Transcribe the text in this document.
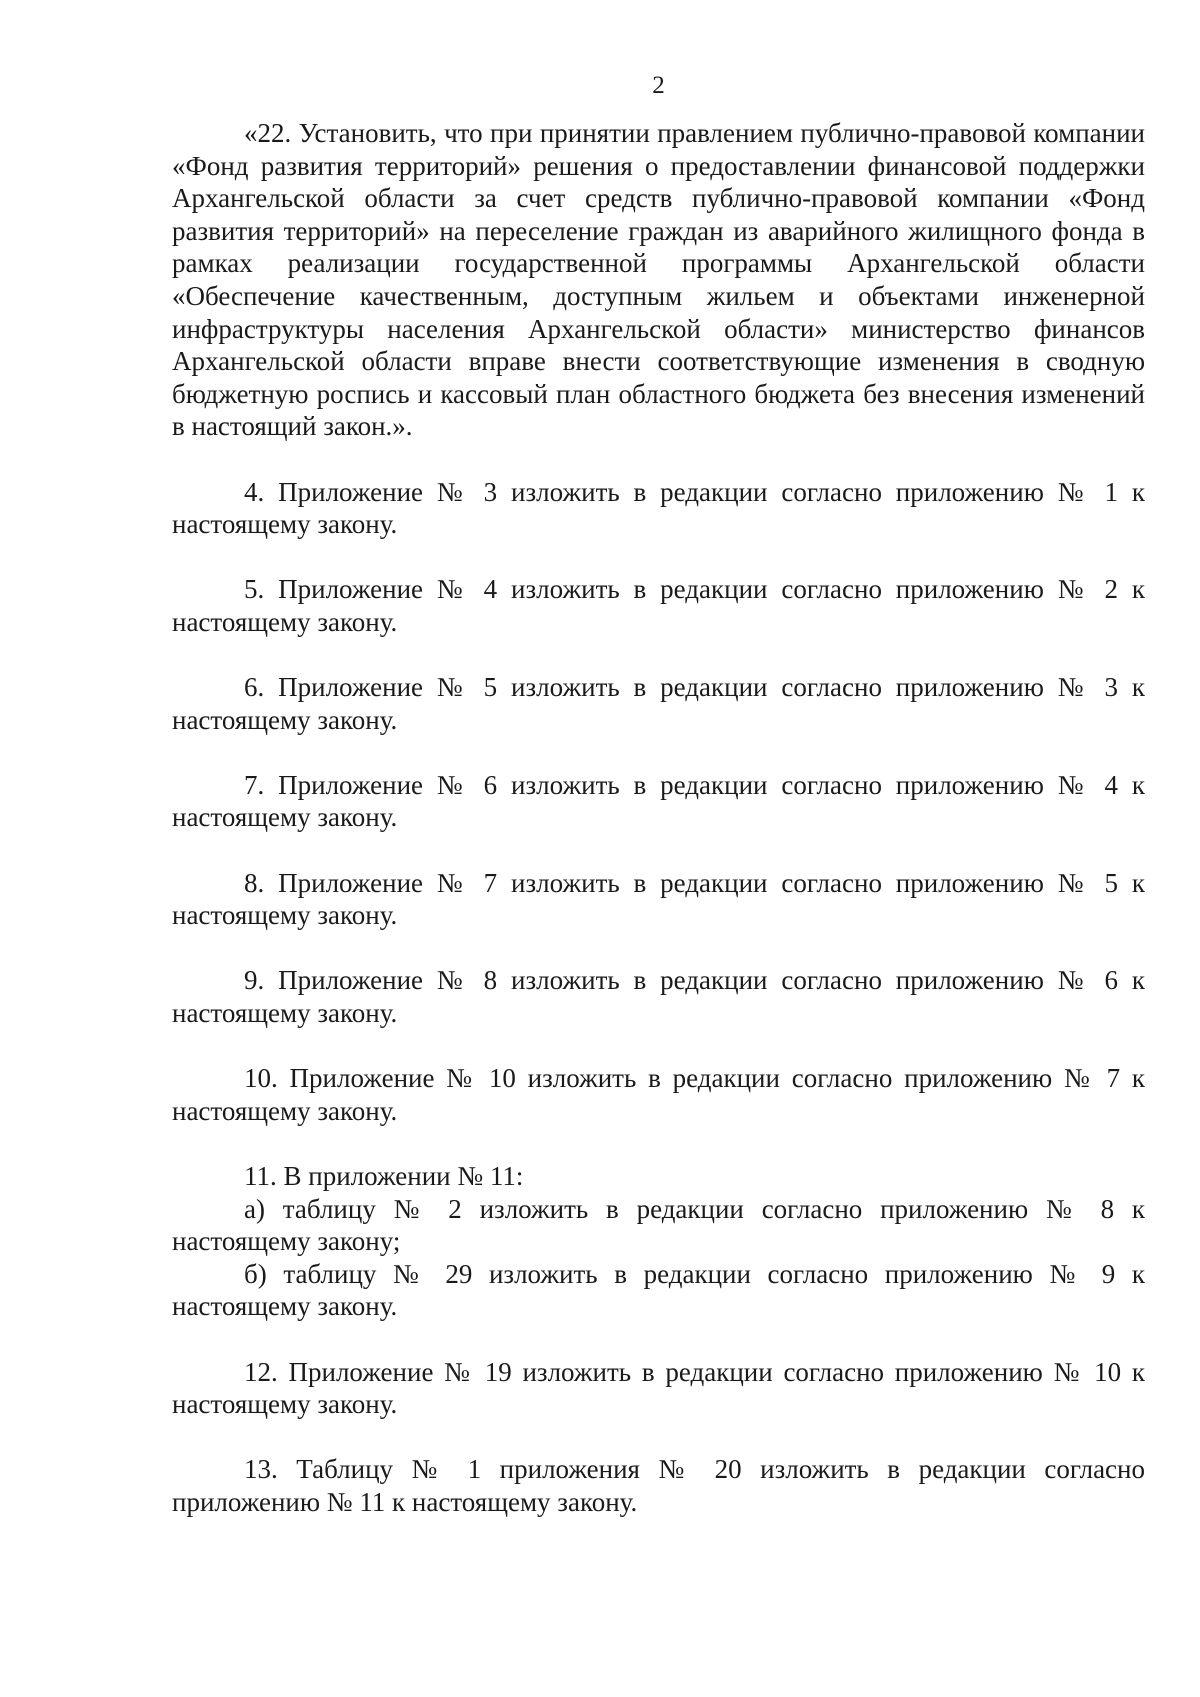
2

«22. Установить, что при принятии правлением публично-правовой компании «Фонд развития территорий» решения о предоставлении финансовой поддержки Архангельской области за счет средств публично-правовой компании «Фонд развития территорий» на переселение граждан из аварийного жилищного фонда в рамках реализации государственной программы Архангельской области «Обеспечение качественным, доступным жильем и объектами инженерной инфраструктуры населения Архангельской области» министерство финансов Архангельской области вправе внести соответствующие изменения в сводную бюджетную роспись и кассовый план областного бюджета без внесения изменений в настоящий закон.».

4. Приложение № 3 изложить в редакции согласно приложению № 1 к настоящему закону.

5. Приложение № 4 изложить в редакции согласно приложению № 2 к настоящему закону.

6. Приложение № 5 изложить в редакции согласно приложению № 3 к настоящему закону.

7. Приложение № 6 изложить в редакции согласно приложению № 4 к настоящему закону.

8. Приложение № 7 изложить в редакции согласно приложению № 5 к настоящему закону.

9. Приложение № 8 изложить в редакции согласно приложению № 6 к настоящему закону.

10. Приложение № 10 изложить в редакции согласно приложению № 7 к настоящему закону.

11. В приложении № 11:

а) таблицу № 2 изложить в редакции согласно приложению № 8 к настоящему закону;

б) таблицу № 29 изложить в редакции согласно приложению № 9 к настоящему закону.

12. Приложение № 19 изложить в редакции согласно приложению № 10 к настоящему закону.

13. Таблицу № 1 приложения № 20 изложить в редакции согласно приложению № 11 к настоящему закону.
